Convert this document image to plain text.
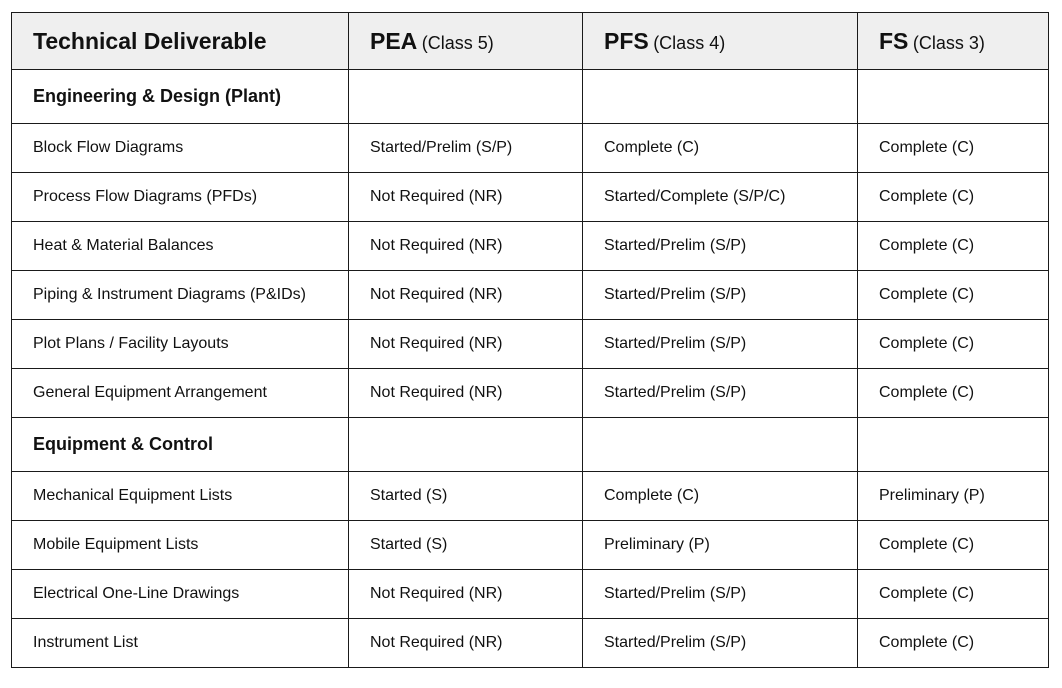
Technical Deliverable	PEA (Class 5)	PFS (Class 4)	FS (Class 3)
Engineering & Design (Plant)			
Block Flow Diagrams	Started/Prelim (S/P)	Complete (C)	Complete (C)
Process Flow Diagrams (PFDs)	Not Required (NR)	Started/Complete (S/P/C)	Complete (C)
Heat & Material Balances	Not Required (NR)	Started/Prelim (S/P)	Complete (C)
Piping & Instrument Diagrams (P&IDs)	Not Required (NR)	Started/Prelim (S/P)	Complete (C)
Plot Plans / Facility Layouts	Not Required (NR)	Started/Prelim (S/P)	Complete (C)
General Equipment Arrangement	Not Required (NR)	Started/Prelim (S/P)	Complete (C)
Equipment & Control			
Mechanical Equipment Lists	Started (S)	Complete (C)	Preliminary (P)
Mobile Equipment Lists	Started (S)	Preliminary (P)	Complete (C)
Electrical One-Line Drawings	Not Required (NR)	Started/Prelim (S/P)	Complete (C)
Instrument List	Not Required (NR)	Started/Prelim (S/P)	Complete (C)
